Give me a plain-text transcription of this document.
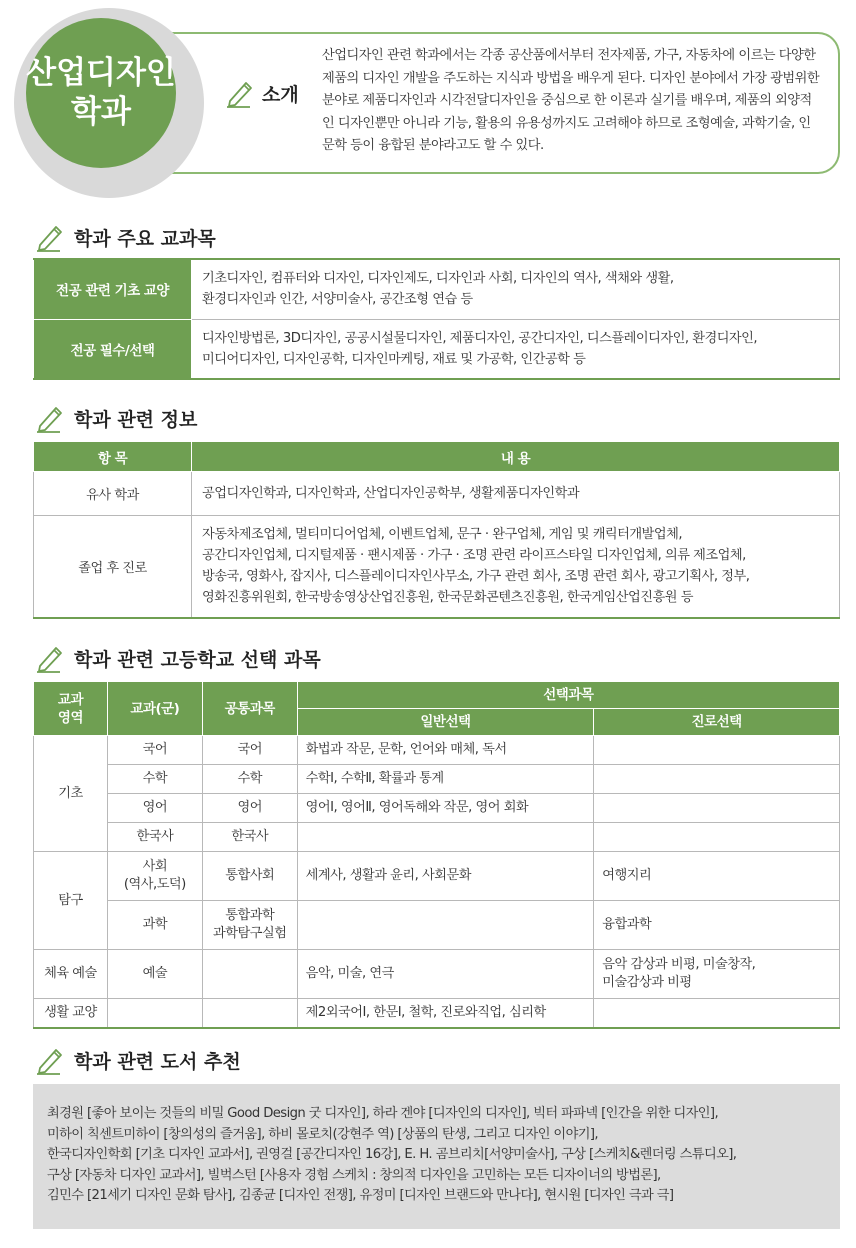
산업디자인
학과	소개
산업디자인 관련 학과에서는 각종 공산품에서부터 전자제품, 가구, 자동차에 이르는 다양한 제품의 디자인 개발을 주도하는 지식과 방법을 배우게 된다. 디자인 분야에서 가장 광범위한 분야로 제품디자인과 시각전달디자인을 중심으로 한 이론과 실기를 배우며, 제품의 외양적인 디자인뿐만 아니라 기능, 활용의 유용성까지도 고려해야 하므로 조형예술, 과학기술, 인문학 등이 융합된 분야라고도 할 수 있다.
학과 주요 교과목
전공 관련 기초 교양	기초디자인, 컴퓨터와 디자인, 디자인제도, 디자인과 사회, 디자인의 역사, 색채와 생활,
환경디자인과 인간, 서양미술사, 공간조형 연습 등

전공 필수/선택	디자인방법론, 3D디자인, 공공시설물디자인, 제품디자인, 공간디자인, 디스플레이디자인, 환경디자인,
미디어디자인, 디자인공학, 디자인마케팅, 재료 및 가공학, 인간공학 등
학과 관련 정보
항 목	내 용
유사 학과	공업디자인학과, 디자인학과, 산업디자인공학부, 생활제품디자인학과
졸업 후 진로	자동차제조업체, 멀티미디어업체, 이벤트업체, 문구 · 완구업체, 게임 및 캐릭터개발업체,
공간디자인업체, 디지털제품 · 팬시제품 · 가구 · 조명 관련 라이프스타일 디자인업체, 의류 제조업체,
방송국, 영화사, 잡지사, 디스플레이디자인사무소, 가구 관련 회사, 조명 관련 회사, 광고기획사, 정부,
영화진흥위원회, 한국방송영상산업진흥원, 한국문화콘텐츠진흥원, 한국게임산업진흥원 등
학과 관련 고등학교 선택 과목
교과
영역	교과(군)	공통과목	선택과목	
			일반선택	진로선택
기초	국어	국어	화법과 작문, 문학, 언어와 매체, 독서	
	수학	수학	수학Ⅰ, 수학Ⅱ, 확률과 통계	
	영어	영어	영어Ⅰ, 영어Ⅱ, 영어독해와 작문, 영어 회화	
	한국사	한국사		
탐구	사회
(역사,도덕)	통합사회	세계사, 생활과 윤리, 사회문화	여행지리
	과학	통합과학
과학탐구실험		융합과학
체육 예술	예술		음악, 미술, 연극	음악 감상과 비평, 미술창작,
미술감상과 비평

생활 교양			제2외국어Ⅰ, 한문Ⅰ, 철학, 진로와직업, 심리학	
학과 관련 도서 추천
최경원 [좋아 보이는 것들의 비밀 Good Design 굿 디자인], 하라 겐야 [디자인의 디자인], 빅터 파파넥 [인간을 위한 디자인],
미하이 칙센트미하이 [창의성의 즐거움], 하비 몰로치(강현주 역) [상품의 탄생, 그리고 디자인 이야기],
한국디자인학회 [기초 디자인 교과서], 권영걸 [공간디자인 16강], E. H. 곰브리치[서양미술사], 구상 [스케치&렌더링 스튜디오],
구상 [자동차 디자인 교과서], 빌벅스턴 [사용자 경험 스케치 : 창의적 디자인을 고민하는 모든 디자이너의 방법론],
김민수 [21세기 디자인 문화 탐사], 김종균 [디자인 전쟁], 유정미 [디자인 브랜드와 만나다], 현시원 [디자인 극과 극]
